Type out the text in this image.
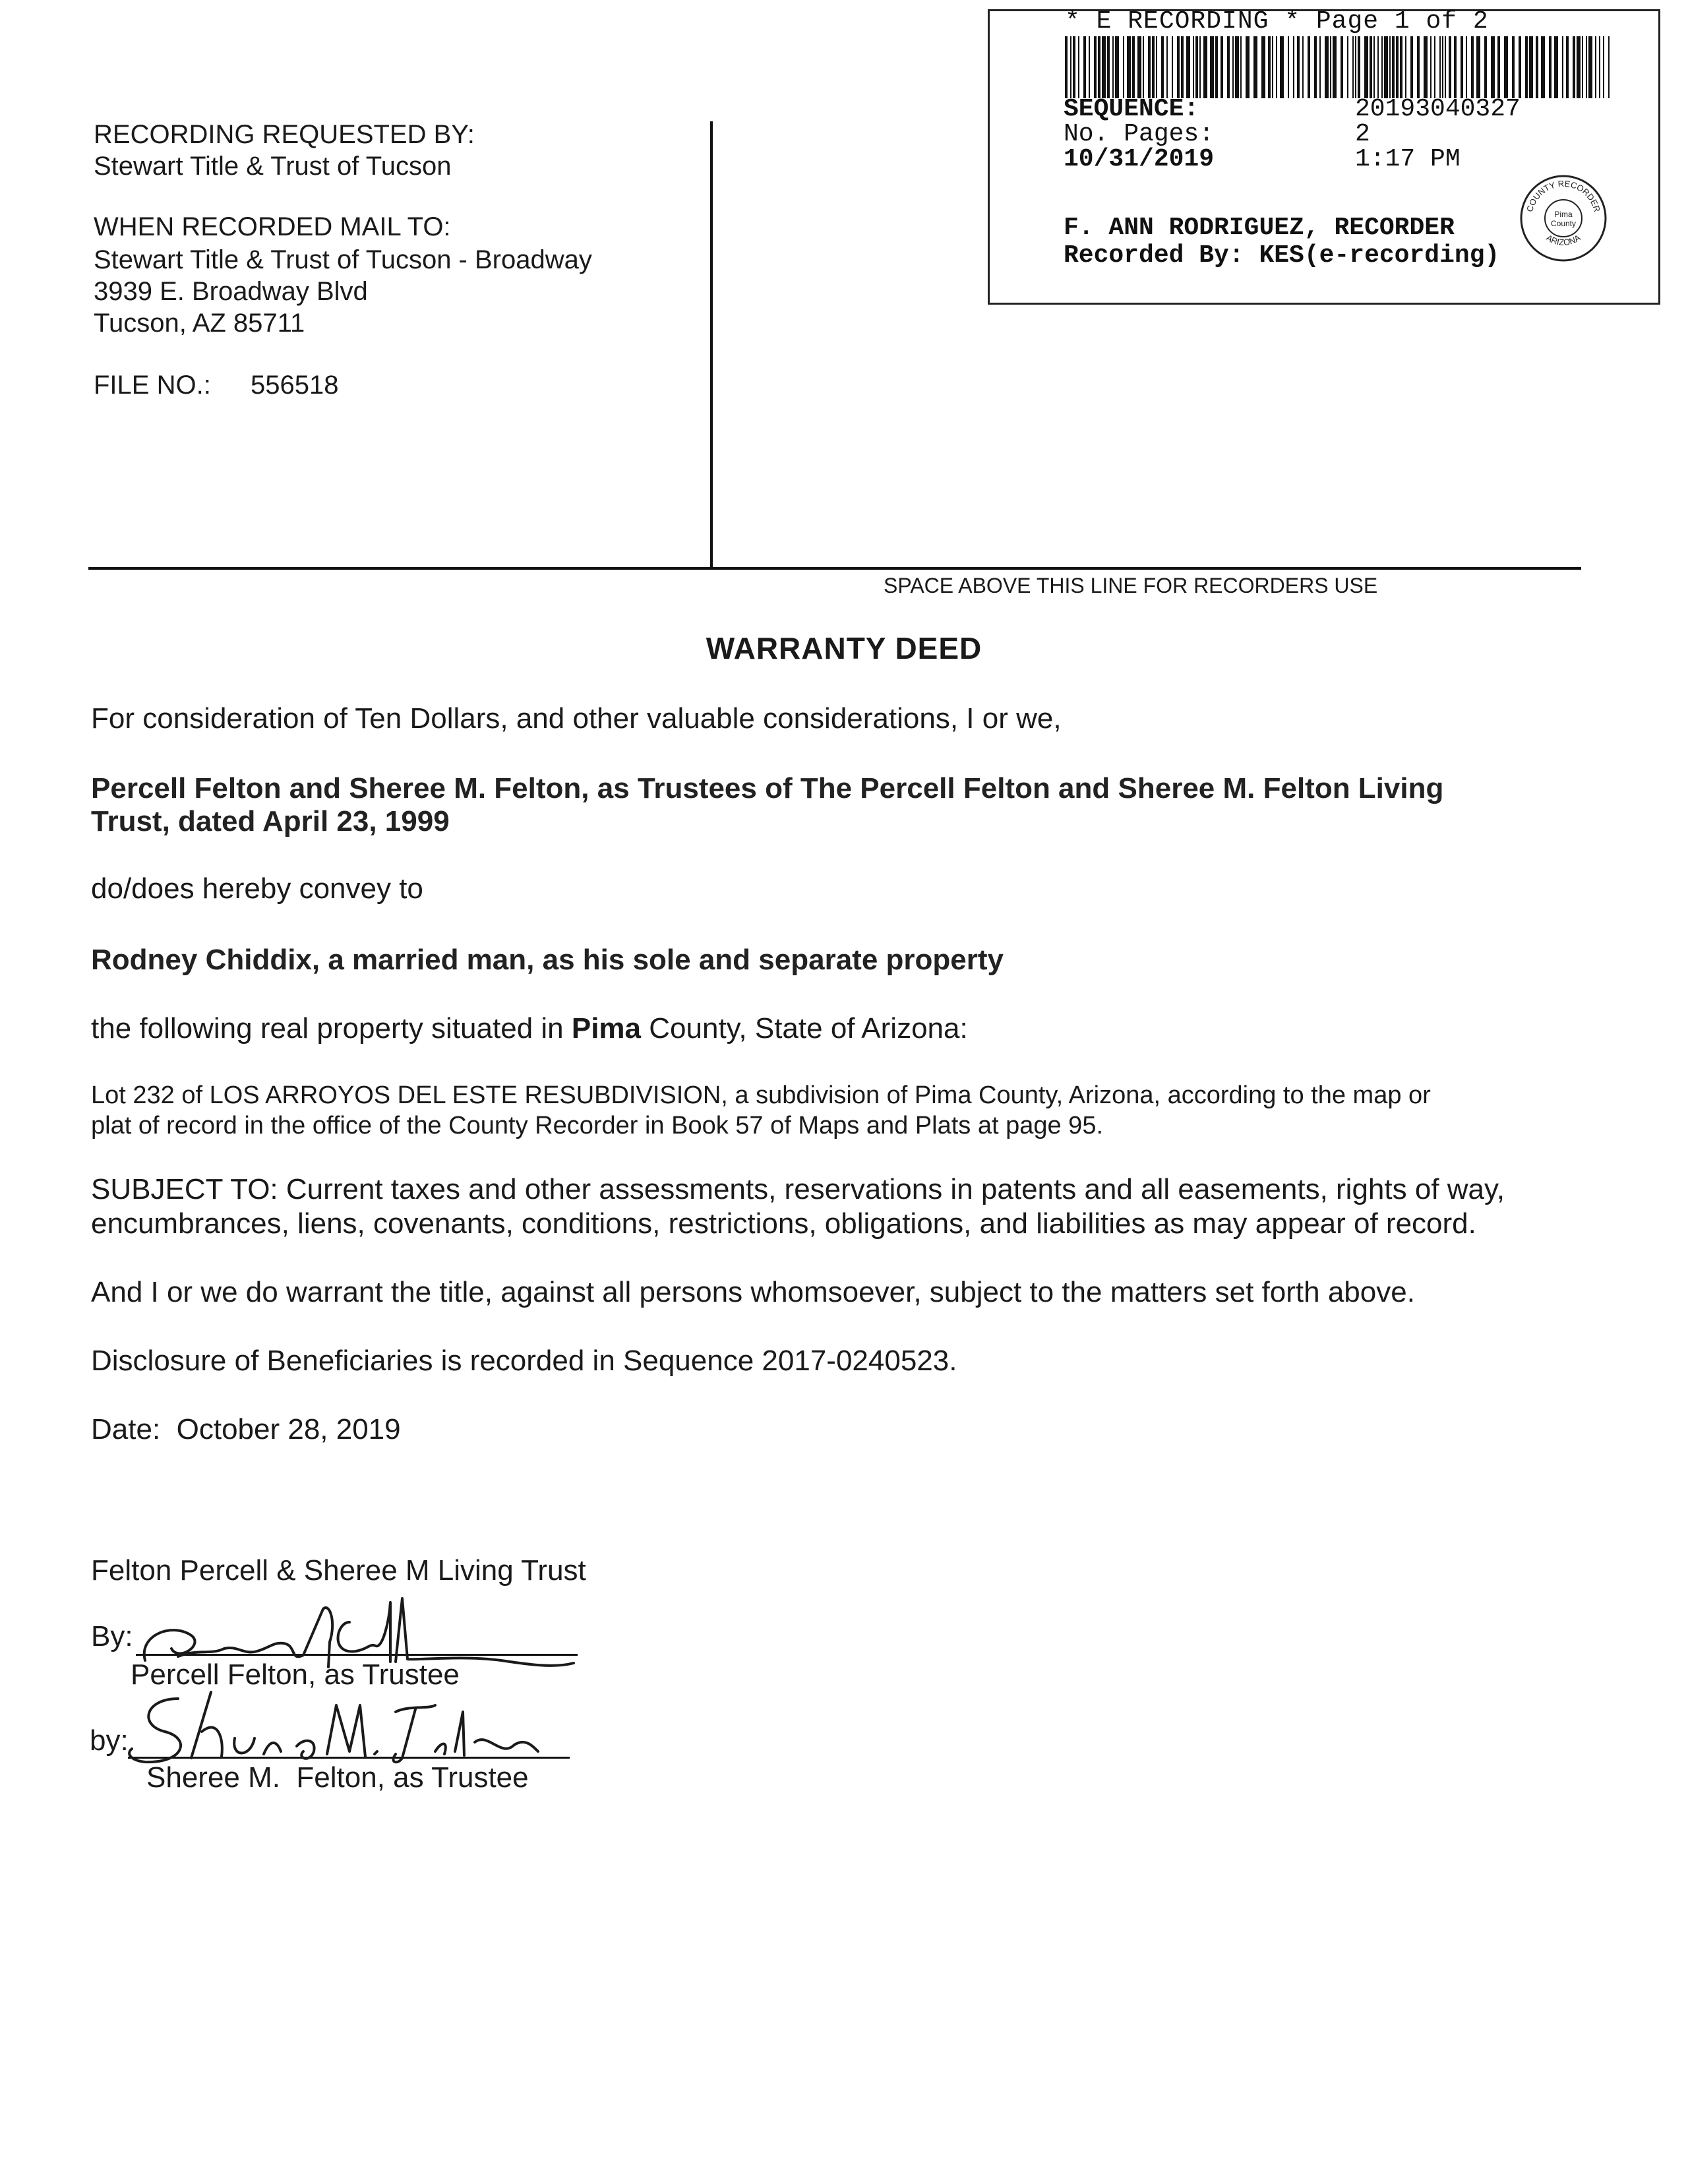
RECORDING REQUESTED BY:
Stewart Title & Trust of Tucson
WHEN RECORDED MAIL TO:
Stewart Title & Trust of Tucson - Broadway
3939 E. Broadway Blvd
Tucson, AZ 85711
FILE NO.: 556518
* E RECORDING * Page 1 of 2
SEQUENCE:	20193040327
No. Pages:	2
10/31/2019	1:17 PM
F. ANN RODRIGUEZ, RECORDER
Recorded By: KES(e-recording)
COUNTY RECORDER
ARIZONA
Pima
County
SPACE ABOVE THIS LINE FOR RECORDERS USE
WARRANTY DEED
For consideration of Ten Dollars, and other valuable considerations, I or we,
Percell Felton and Sheree M. Felton, as Trustees of The Percell Felton and Sheree M. Felton Living
Trust, dated April 23, 1999
do/does hereby convey to
Rodney Chiddix, a married man, as his sole and separate property
the following real property situated in Pima County, State of Arizona:
Lot 232 of LOS ARROYOS DEL ESTE RESUBDIVISION, a subdivision of Pima County, Arizona, according to the map or
plat of record in the office of the County Recorder in Book 57 of Maps and Plats at page 95.
SUBJECT TO: Current taxes and other assessments, reservations in patents and all easements, rights of way,
encumbrances, liens, covenants, conditions, restrictions, obligations, and liabilities as may appear of record.
And I or we do warrant the title, against all persons whomsoever, subject to the matters set forth above.
Disclosure of Beneficiaries is recorded in Sequence 2017-0240523.
Date:  October 28, 2019
Felton Percell & Sheree M Living Trust
By:
Percell Felton, as Trustee
by:
Sheree M.  Felton, as Trustee
